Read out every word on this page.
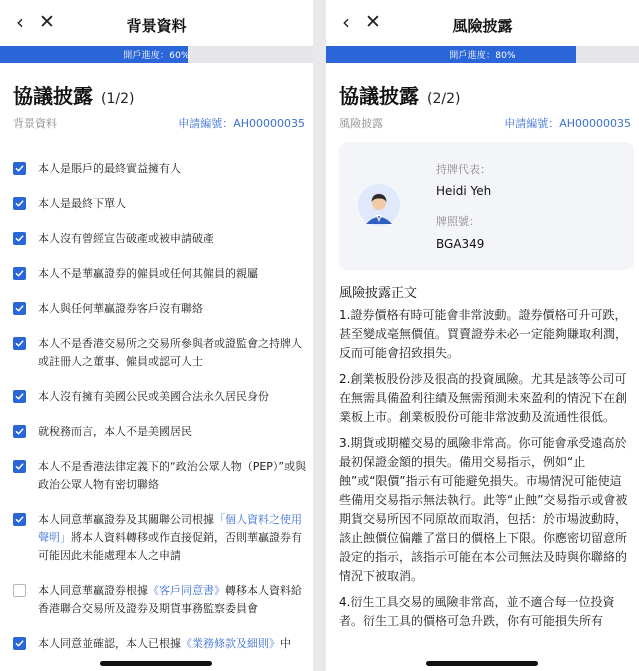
‹ ✕	背景資料
開戶進度：60%
協議披露 (1/2)
背景資料	申請編號：AH00000035
本人是賬戶的最終實益擁有人
本人是最終下單人
本人沒有曾經宣告破產或被申請破產
本人不是華贏證券的僱員或任何其僱員的親屬
本人與任何華贏證券客戶沒有聯絡
本人不是香港交易所之交易所參與者或證監會之持牌人或註冊人之董事、僱員或認可人士
本人沒有擁有美國公民或美國合法永久居民身份
就稅務而言，本人不是美國居民
本人不是香港法律定義下的“政治公眾人物（PEP）”或與政治公眾人物有密切聯絡
本人同意華贏證券及其關聯公司根據「個人資料之使用聲明」將本人資料轉移或作直接促銷，否則華贏證券有可能因此未能處理本人之申請
本人同意華贏證券根據《客戶同意書》轉移本人資料給香港聯合交易所及證券及期貨事務監察委員會
本人同意並確認，本人已根據《業務條款及細則》中
‹ ✕	風險披露
開戶進度：80%
協議披露 (2/2)
風險披露	申請編號：AH00000035
持牌代表：
Heidi Yeh
牌照號：
BGA349
風險披露正文

1.證券價格有時可能會非常波動。證券價格可升可跌，甚至變成毫無價值。買賣證券未必一定能夠賺取利潤，反而可能會招致損失。

2.創業板股份涉及很高的投資風險。尤其是該等公司可在無需具備盈利往績及無需預測未來盈利的情況下在創業板上市。創業板股份可能非常波動及流通性很低。

3.期貨或期權交易的風險非常高。你可能會承受遠高於最初保證金額的損失。備用交易指示，例如“止蝕”或“限價”指示有可能避免損失。市場情況可能使這些備用交易指示無法執行。此等“止蝕”交易指示或會被期貨交易所因不同原故而取消，包括：於市場波動時，該止蝕價位偏離了當日的價格上下限。你應密切留意所設定的指示，該指示可能在本公司無法及時與你聯絡的情況下被取消。

4.衍生工具交易的風險非常高，並不適合每一位投資者。衍生工具的價格可急升跌，你有可能損失所有
